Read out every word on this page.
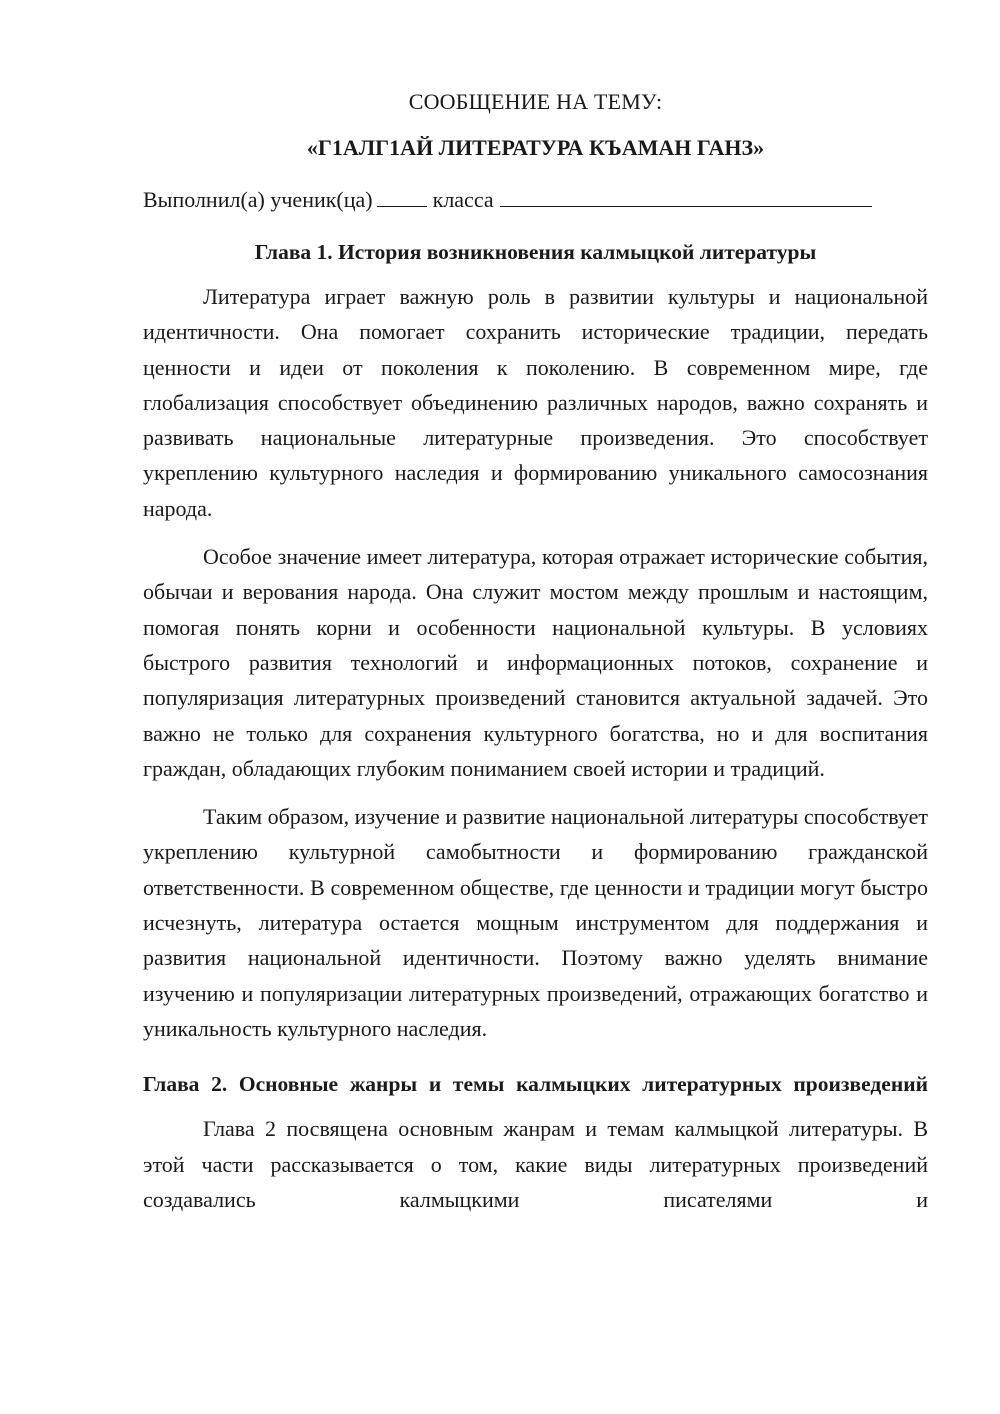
СООБЩЕНИЕ НА ТЕМУ:

«Г1АЛГ1АЙ ЛИТЕРАТУРА КЪАМАН ГАНЗ»

Выполнил(а) ученик(ца)	класса

Глава 1. История возникновения калмыцкой литературы

Литература играет важную роль в развитии культуры и национальной идентичности. Она помогает сохранить исторические традиции, передать ценности и идеи от поколения к поколению. В современном мире, где глобализация способствует объединению различных народов, важно сохранять и развивать национальные литературные произведения. Это способствует укреплению культурного наследия и формированию уникального самосознания народа.

Особое значение имеет литература, которая отражает исторические события, обычаи и верования народа. Она служит мостом между прошлым и настоящим, помогая понять корни и особенности национальной культуры. В условиях быстрого развития технологий и информационных потоков, сохранение и популяризация литературных произведений становится актуальной задачей. Это важно не только для сохранения культурного богатства, но и для воспитания граждан, обладающих глубоким пониманием своей истории и традиций.

Таким образом, изучение и развитие национальной литературы способствует укреплению культурной самобытности и формированию гражданской ответственности. В современном обществе, где ценности и традиции могут быстро исчезнуть, литература остается мощным инструментом для поддержания и развития национальной идентичности. Поэтому важно уделять внимание изучению и популяризации литературных произведений, отражающих богатство и уникальность культурного наследия.

Глава 2. Основные жанры и темы калмыцких литературных произведений

Глава 2 посвящена основным жанрам и темам калмыцкой литературы. В этой части рассказывается о том, какие виды литературных произведений создавались калмыцкими писателями и
